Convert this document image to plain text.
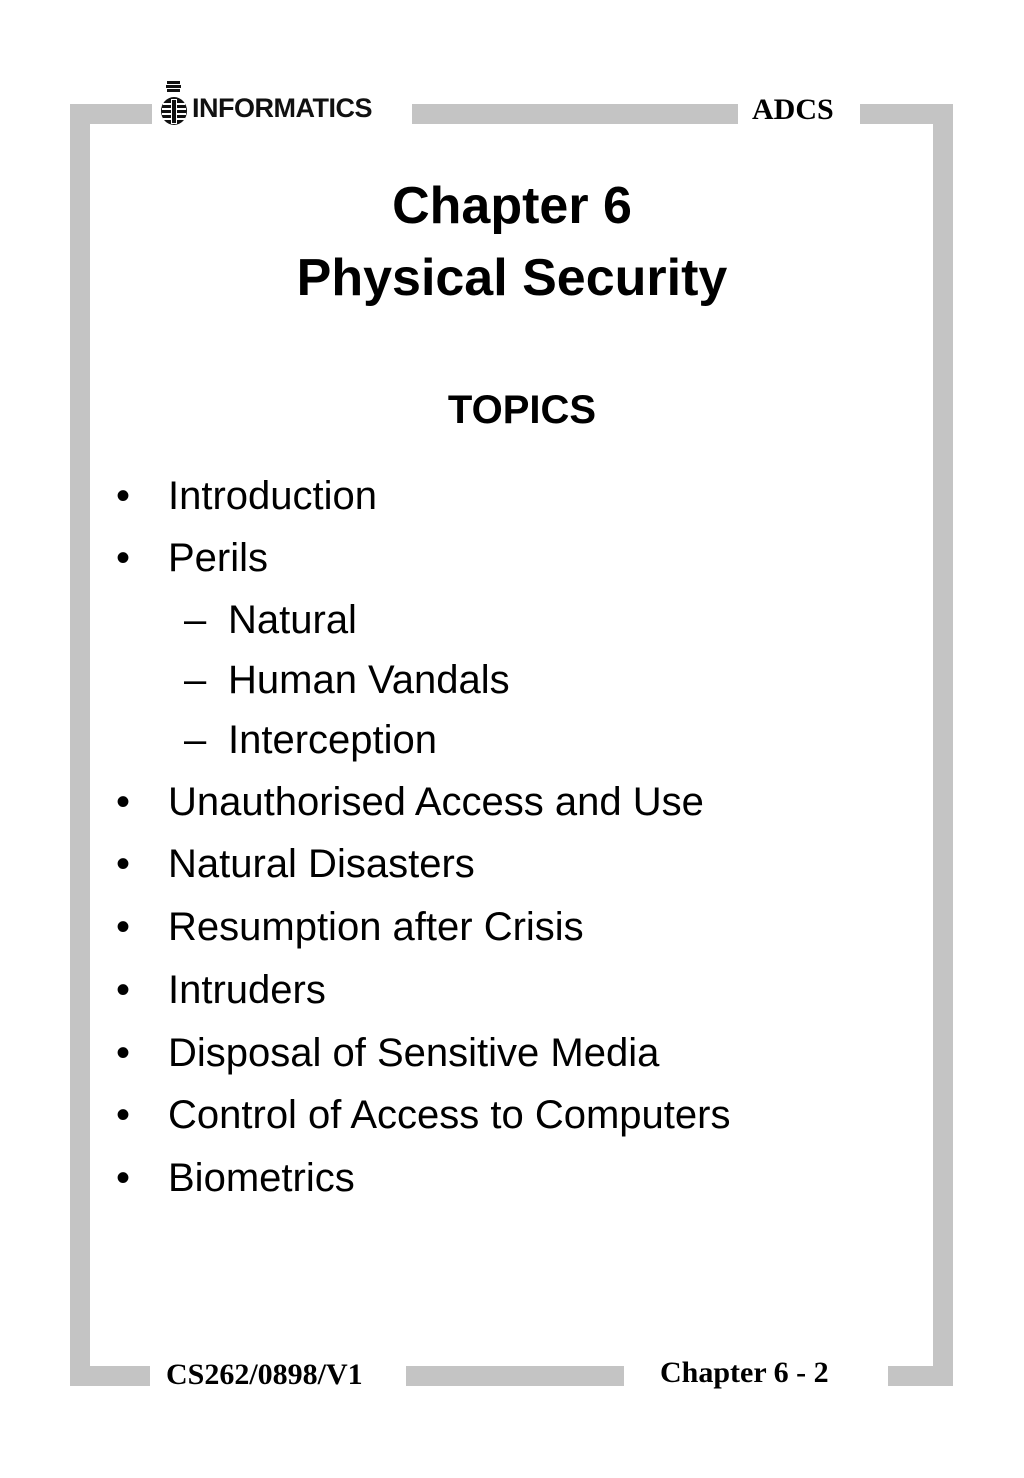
INFORMATICS	ADCS
Chapter 6
Physical Security
TOPICS
• Introduction
• Perils
– Natural
– Human Vandals
– Interception
• Unauthorised Access and Use
• Natural Disasters
• Resumption after Crisis
• Intruders
• Disposal of Sensitive Media
• Control of Access to Computers
• Biometrics
CS262/0898/V1	Chapter 6 - 2
